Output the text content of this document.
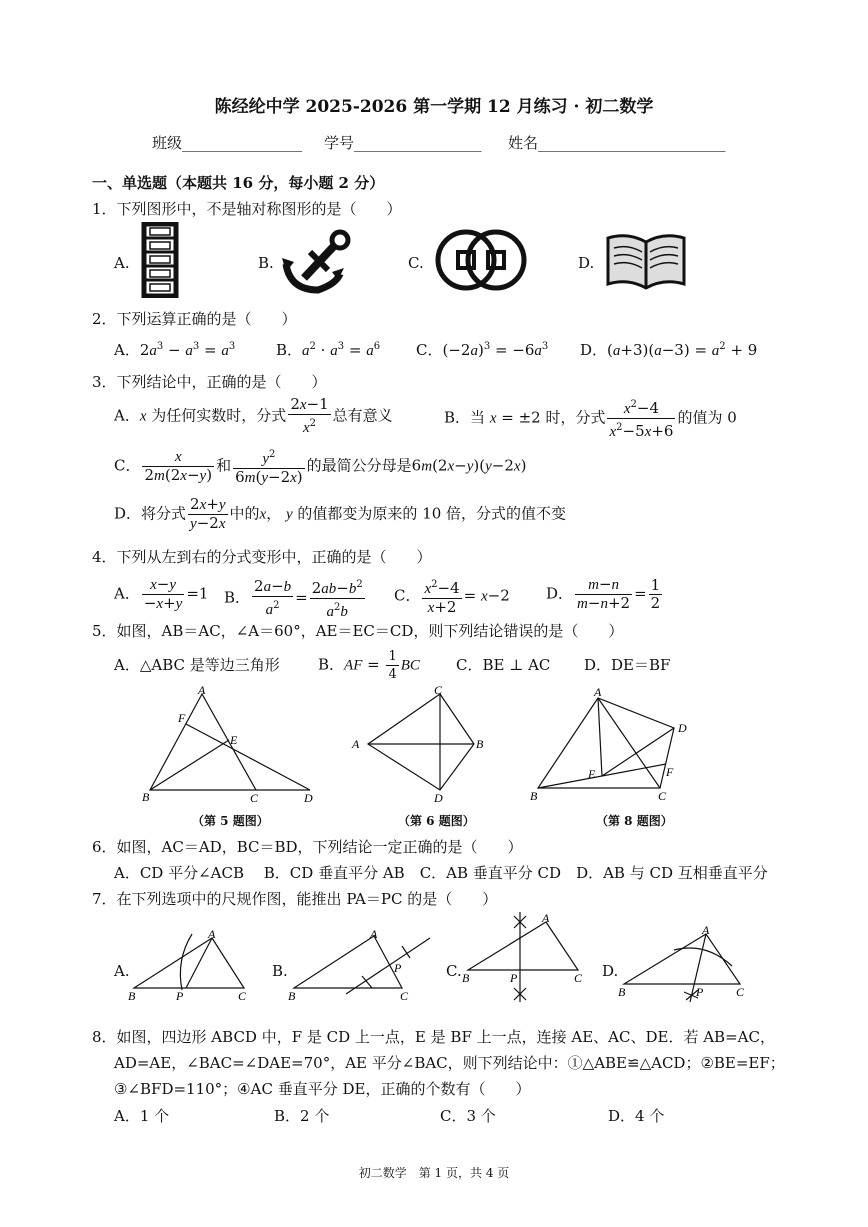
陈经纶中学 2025-2026 第一学期 12 月练习 · 初二数学
班级________________ 学号_________________ 姓名_________________________
一、单选题（本题共 16 分，每小题 2 分）
1．下列图形中，不是轴对称图形的是（　　）
A.	B.	C.	D.
2．下列运算正确的是（　　）
A．$2a^3 - a^3 = a^3$	B．$a^2 \cdot a^3 = a^6$ C．$(-2a)^3 = -6a^3$ D．$(a+3)(a-3) = a^2 + 9$
3．下列结论中，正确的是（　　）
A．x 为任何实数时，分式 $\frac{2x-1}{x^2}$ 总有意义	B．当 x = ±2 时，分式 $\frac{x^2-4}{x^2-5x+6}$ 的值为 0
C． $\frac{x}{2m(2x-y)}$ 和 $\frac{y^2}{6m(y-2x)}$ 的最简公分母是6m(2x−y)(y−2x)
D．将分式 $\frac{2x+y}{y-2x}$ 中的x， y 的值都变为原来的 10 倍，分式的值不变
4．下列从左到右的分式变形中，正确的是（　　）
A． $\frac{x-y}{-x+y} =1$ B． $\frac{2a-b}{a^2} = \frac{2ab-b^2}{a^2b}$ C． $\frac{x^2-4}{x+2} = x-2$ D． $\frac{m-n}{m-n+2} = \frac{1}{2}$
5．如图，AB＝AC，∠A＝60°，AE＝EC＝CD，则下列结论错误的是（　　）
A．△ABC 是等边三角形	B．AF = $\frac{1}{4}$ BC C．BE ⊥ AC D．DE＝BF
A
F
E
B	C	D
（第 5 题图）
C
A	B
D
（第 6 题图）
A
D
F
E
B	C
（第 8 题图）
6．如图，AC＝AD，BC＝BD，下列结论一定正确的是（　　）
A．CD 平分∠ACB　 B．CD 垂直平分 AB　C．AB 垂直平分 CD　D．AB 与 CD 互相垂直平分
7．在下列选项中的尺规作图，能推出 PA＝PC 的是（　　）
A.
A
B	P	C
B.
A
B
P
C
C.
A
B	P	C D.
A
B	P	C
8．如图，四边形 ABCD 中，F 是 CD 上一点，E 是 BF 上一点，连接 AE、AC、DE．若 AB=AC，
AD=AE，∠BAC=∠DAE=70°，AE 平分∠BAC，则下列结论中：①△ABE≌△ACD；②BE=EF；
③∠BFD=110°；④AC 垂直平分 DE，正确的个数有（　　）
A．1 个	B．2 个	C．3 个	D．4 个
初二数学　第 1 页，共 4 页
